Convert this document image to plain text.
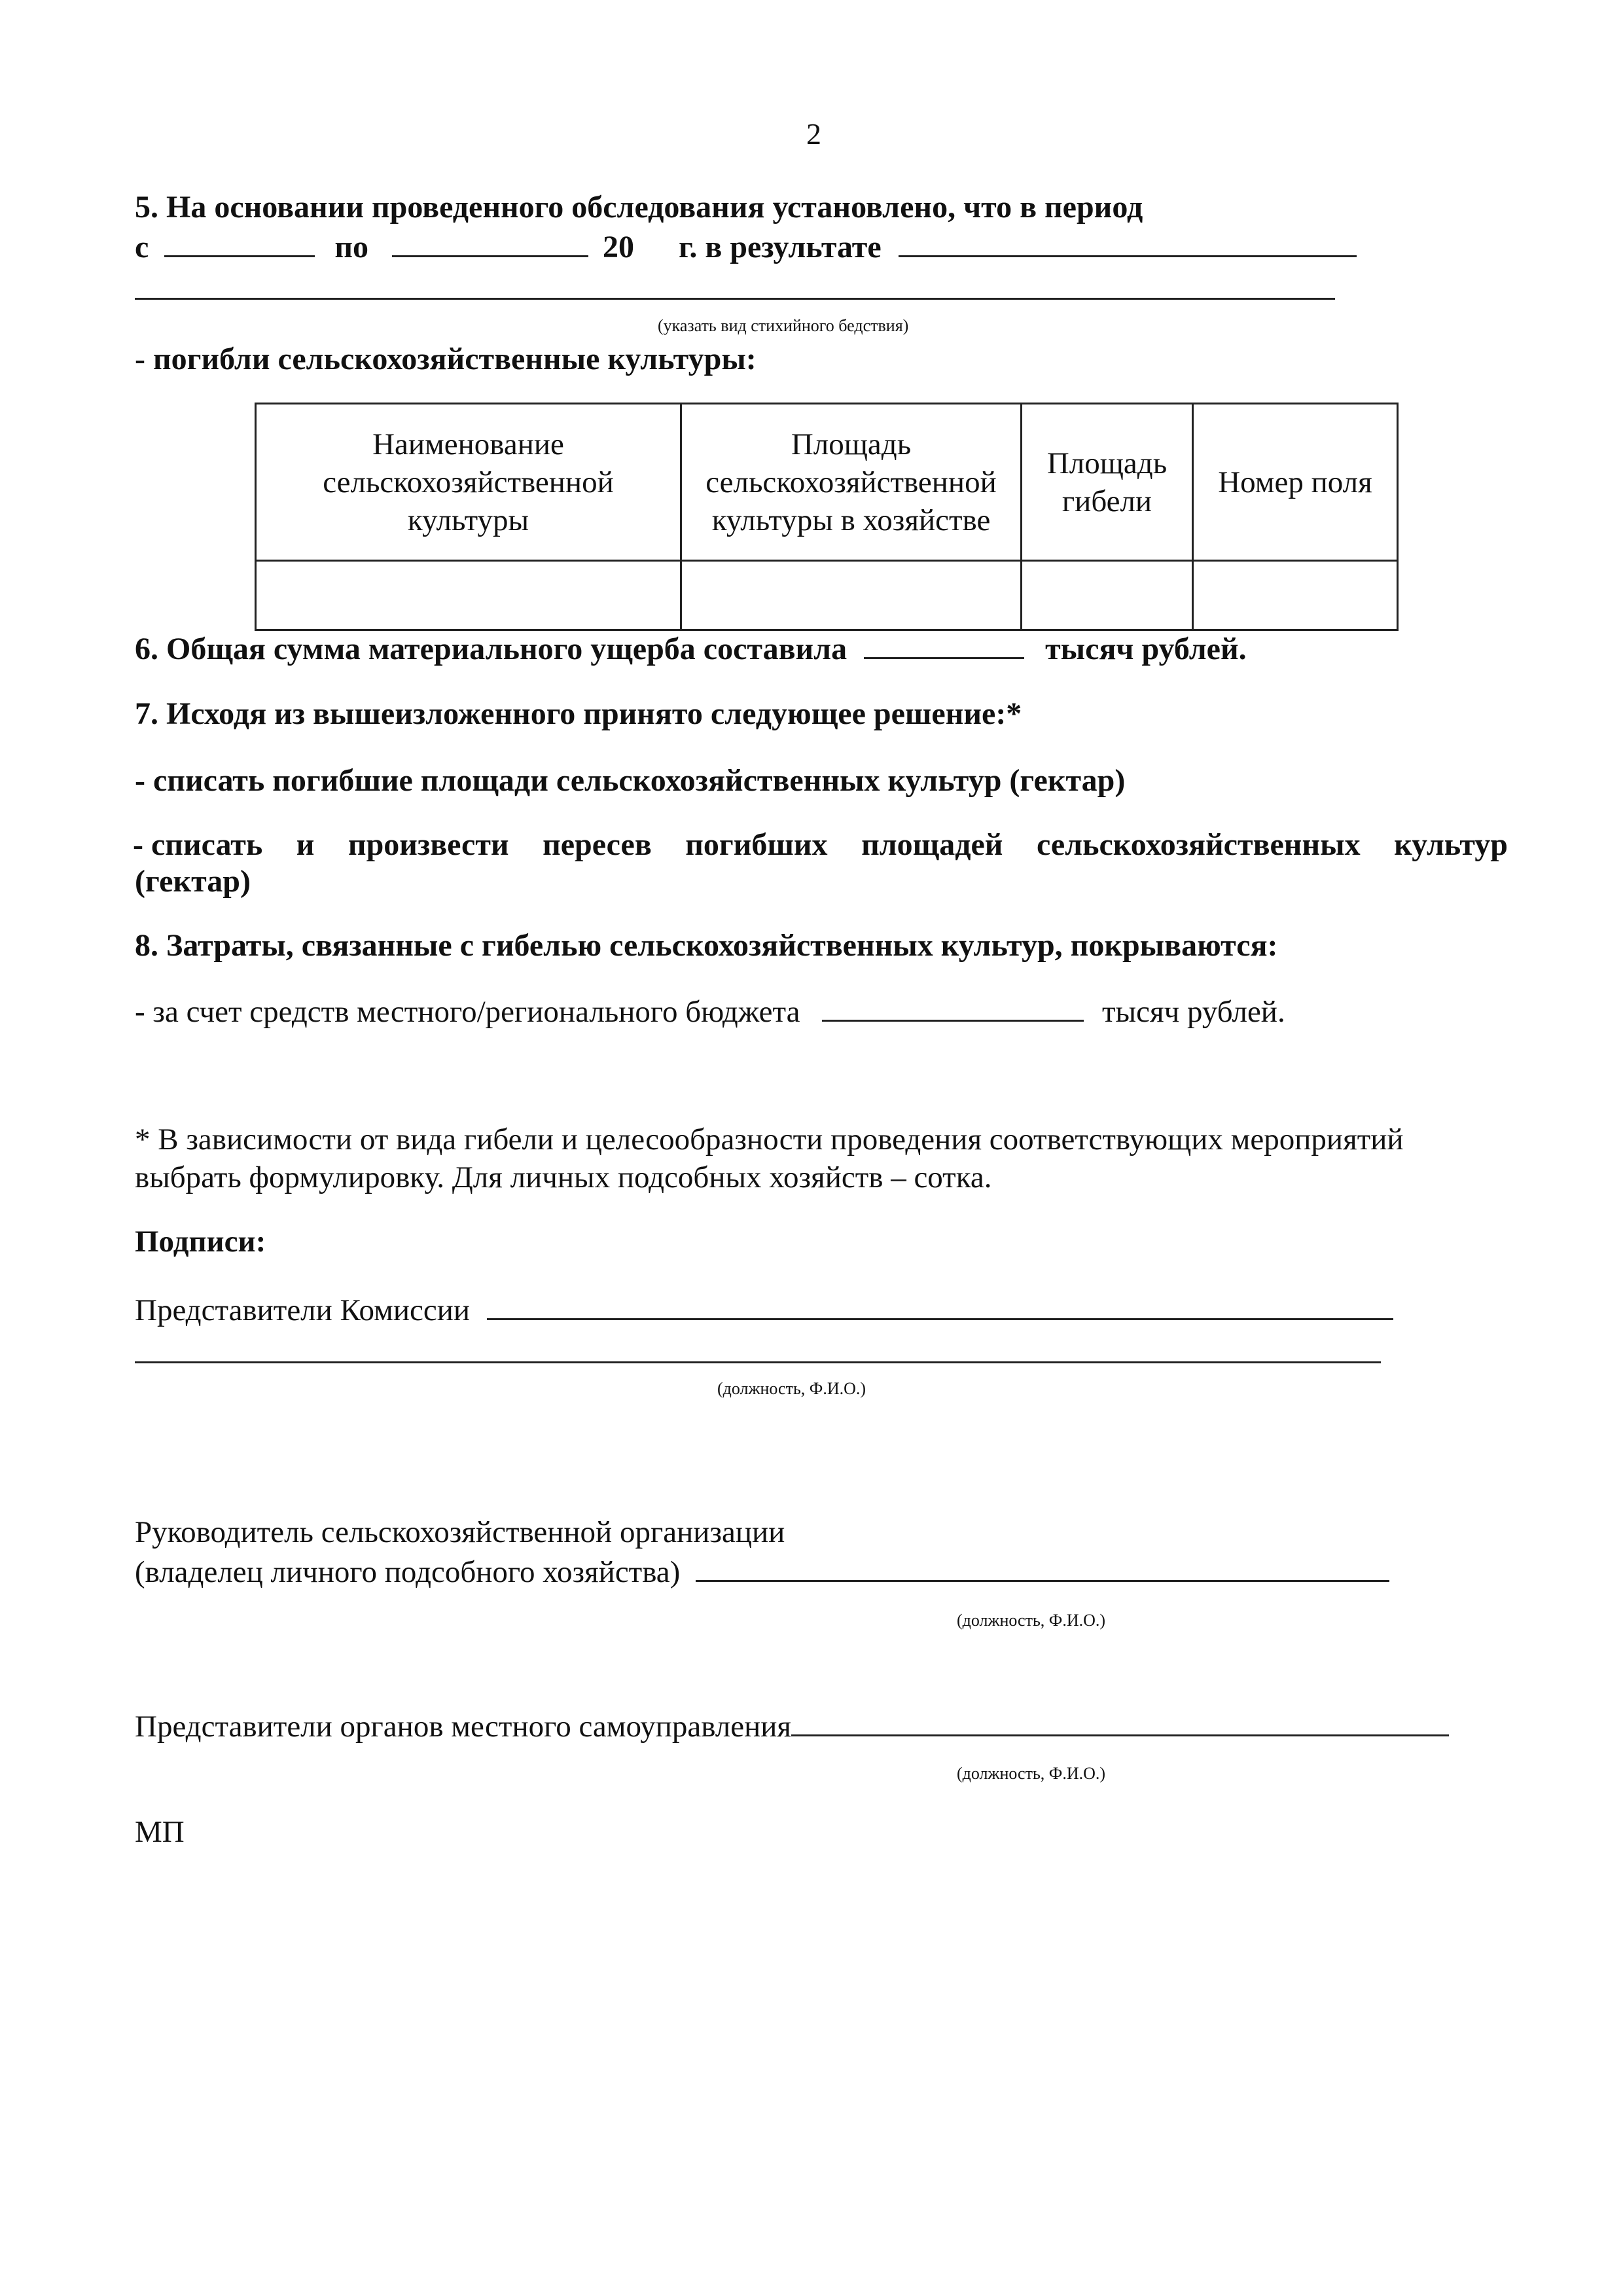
2
5. На основании проведенного обследования установлено, что в период
с	по	20 г. в результате
(указать вид стихийного бедствия)
- погибли сельскохозяйственные культуры:
Наименование сельскохозяйственной культуры	Площадь сельскохозяйственной культуры в хозяйстве	Площадь гибели	Номер поля

6. Общая сумма материального ущерба составила	тысяч рублей.
7. Исходя из вышеизложенного принято следующее решение:*
- списать погибшие площади сельскохозяйственных культур (гектар)
- списать и произвести пересев погибших площадей сельскохозяйственных культур
(гектар)
8. Затраты, связанные с гибелью сельскохозяйственных культур, покрываются:
- за счет средств местного/регионального бюджета	тысяч рублей.
* В зависимости от вида гибели и целесообразности проведения соответствующих мероприятий
выбрать формулировку. Для личных подсобных хозяйств – сотка.
Подписи:
Представители Комиссии
(должность, Ф.И.О.)
Руководитель сельскохозяйственной организации
(владелец личного подсобного хозяйства)
(должность, Ф.И.О.)
Представители органов местного самоуправления
(должность, Ф.И.О.)
МП
